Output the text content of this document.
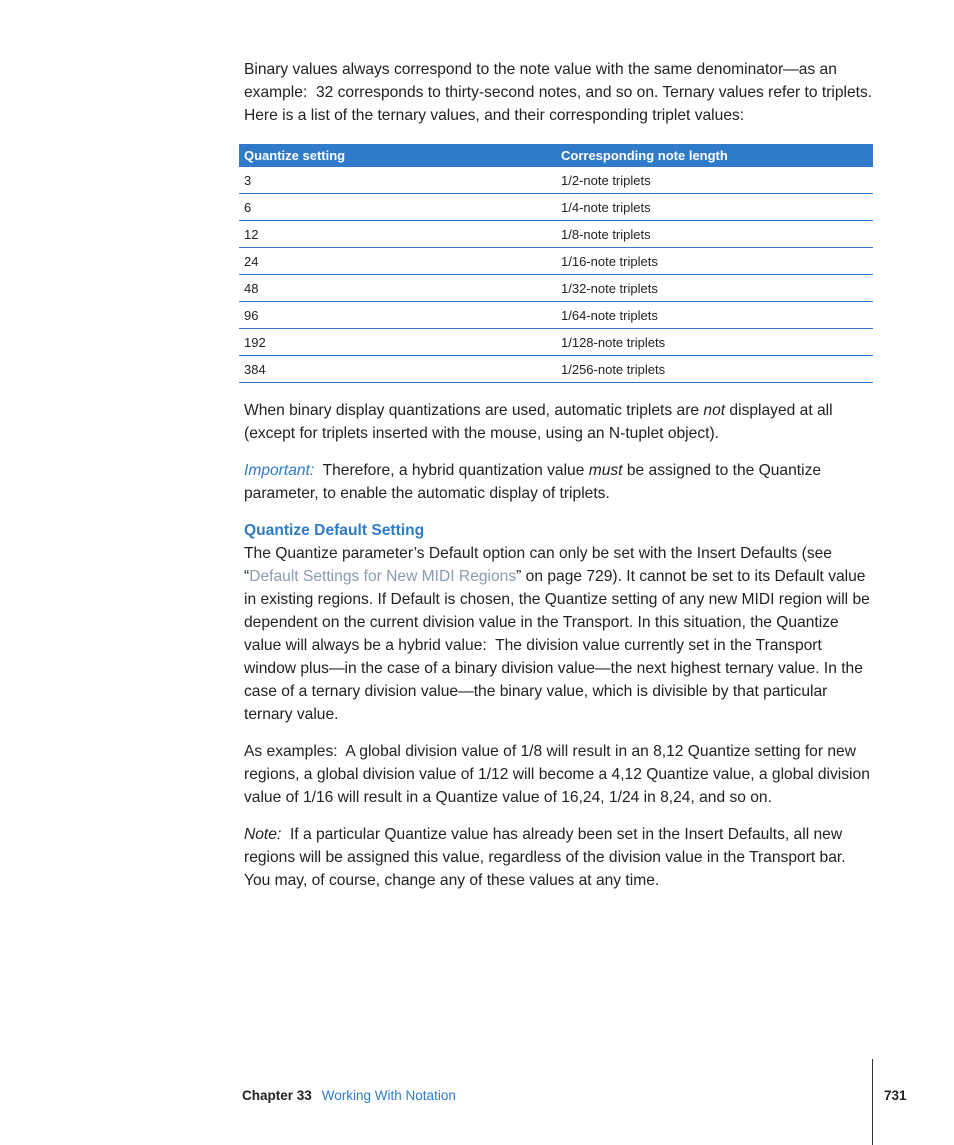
Binary values always correspond to the note value with the same denominator—as an example:  32 corresponds to thirty-second notes, and so on. Ternary values refer to triplets. Here is a list of the ternary values, and their corresponding triplet values:

Quantize setting	Corresponding note length
3	1/2-note triplets
6	1/4-note triplets
12	1/8-note triplets
24	1/16-note triplets
48	1/32-note triplets
96	1/64-note triplets
192	1/128-note triplets
384	1/256-note triplets

When binary display quantizations are used, automatic triplets are not displayed at all (except for triplets inserted with the mouse, using an N-tuplet object).

Important:  Therefore, a hybrid quantization value must be assigned to the Quantize parameter, to enable the automatic display of triplets.

Quantize Default Setting

The Quantize parameter’s Default option can only be set with the Insert Defaults (see “Default Settings for New MIDI Regions” on page 729). It cannot be set to its Default value in existing regions. If Default is chosen, the Quantize setting of any new MIDI region will be dependent on the current division value in the Transport. In this situation, the Quantize value will always be a hybrid value:  The division value currently set in the Transport window plus—in the case of a binary division value—the next highest ternary value. In the case of a ternary division value—the binary value, which is divisible by that particular ternary value.

As examples:  A global division value of 1/8 will result in an 8,12 Quantize setting for new regions, a global division value of 1/12 will become a 4,12 Quantize value, a global division value of 1/16 will result in a Quantize value of 16,24, 1/24 in 8,24, and so on.

Note:  If a particular Quantize value has already been set in the Insert Defaults, all new regions will be assigned this value, regardless of the division value in the Transport bar. You may, of course, change any of these values at any time.

Chapter 33 Working With Notation	731
